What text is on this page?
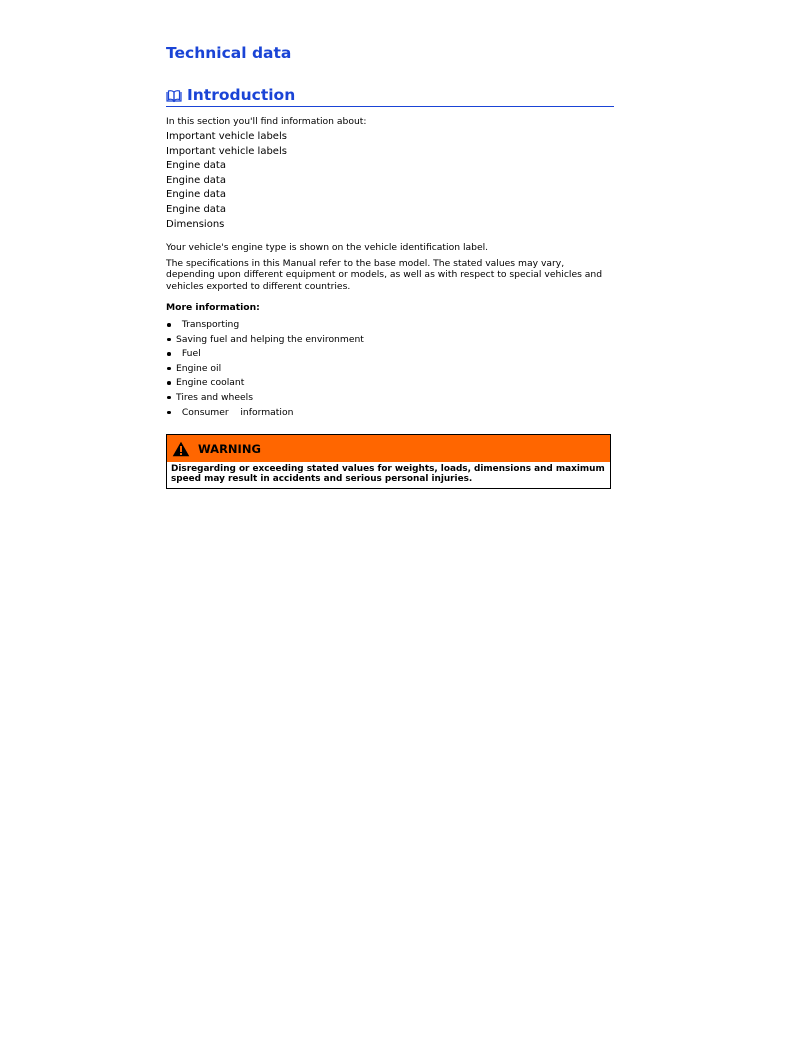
Technical data
Introduction
In this section you'll find information about:
Important vehicle labels
Important vehicle labels
Engine data
Engine data
Engine data
Engine data
Dimensions

Your vehicle's engine type is shown on the vehicle identification label.

The specifications in this Manual refer to the base model. The stated values may vary, depending upon different equipment or models, as well as with respect to special vehicles and vehicles exported to different countries.

More information:
Transporting
Saving fuel and helping the environment
Fuel
Engine oil
Engine coolant
Tires and wheels
Consumer    information
WARNING
Disregarding or exceeding stated values for weights, loads, dimensions and maximum speed may result in accidents and serious personal injuries.
